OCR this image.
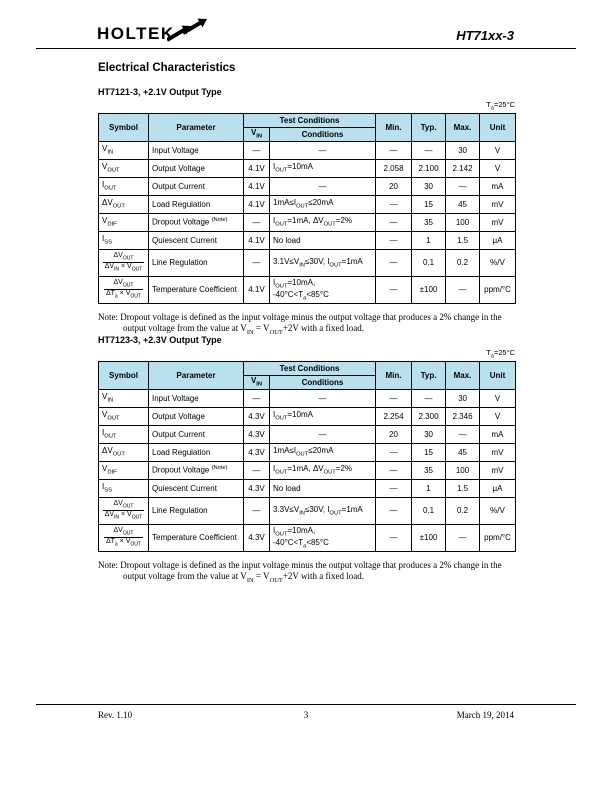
HOLTEK	HT71xx-3
Electrical Characteristics
HT7121-3, +2.1V Output Type
$T_a=25^\circ C$
Symbol	Parameter	Test Conditions		Min.	Typ.	Max.	Unit
		$V_{IN}$	Conditions				
$V_{IN}$	Input Voltage	—	—	—	—	30	V
$V_{OUT}$	Output Voltage	4.1V	$I_{OUT}=10mA$	2.058	2.100	2.142	V
$I_{OUT}$	Output Current	4.1V	—	20	30	—	mA
$\Delta V_{OUT}$	Load Regulation	4.1V	$1mA\le I_{OUT}\le 20mA$	—	15	45	mV
$V_{DIF}$	Dropout Voltage $^{(Note)}$	—	$I_{OUT}=1mA$, $\Delta V_{OUT}=2\%$	—	35	100	mV
$I_{SS}$	Quiescent Current	4.1V	No load	—	1	1.5	μA

$\frac{\Delta V_{OUT}}{\Delta V_{IN} \times V_{OUT}}$	Line Regulation	—	$3.1V\le V_{IN}\le 30V$, $I_{OUT}=1mA$	—	0.1	0.2	%/V

$\frac{\Delta V_{OUT}}{\Delta T_a \times V_{OUT}}$	Temperature Coefficient	4.1V	$I_{OUT}=10mA$, $-40^\circ C<T_a<85^\circ C$	—	±100	—	ppm/°C

Note: Dropout voltage is defined as the input voltage minus the output voltage that produces a 2% change in the output voltage from the value at $V_{IN} = V_{OUT}+2V$ with a fixed load.

HT7123-3, +2.3V Output Type
$T_a=25^\circ C$
Symbol	Parameter	Test Conditions		Min.	Typ.	Max.	Unit
		$V_{IN}$	Conditions				
$V_{IN}$	Input Voltage	—	—	—	—	30	V
$V_{OUT}$	Output Voltage	4.3V	$I_{OUT}=10mA$	2.254	2.300	2.346	V
$I_{OUT}$	Output Current	4.3V	—	20	30	—	mA
$\Delta V_{OUT}$	Load Regulation	4.3V	$1mA\le I_{OUT}\le 20mA$	—	15	45	mV
$V_{DIF}$	Dropout Voltage $^{(Note)}$	—	$I_{OUT}=1mA$, $\Delta V_{OUT}=2\%$	—	35	100	mV
$I_{SS}$	Quiescent Current	4.3V	No load	—	1	1.5	μA

$\frac{\Delta V_{OUT}}{\Delta V_{IN} \times V_{OUT}}$	Line Regulation	—	$3.3V\le V_{IN}\le 30V$, $I_{OUT}=1mA$	—	0.1	0.2	%/V

$\frac{\Delta V_{OUT}}{\Delta T_a \times V_{OUT}}$	Temperature Coefficient	4.3V	$I_{OUT}=10mA$, $-40^\circ C<T_a<85^\circ C$	—	±100	—	ppm/°C

Note: Dropout voltage is defined as the input voltage minus the output voltage that produces a 2% change in the output voltage from the value at $V_{IN} = V_{OUT}+2V$ with a fixed load.

Rev. 1.10	3	March 19, 2014
